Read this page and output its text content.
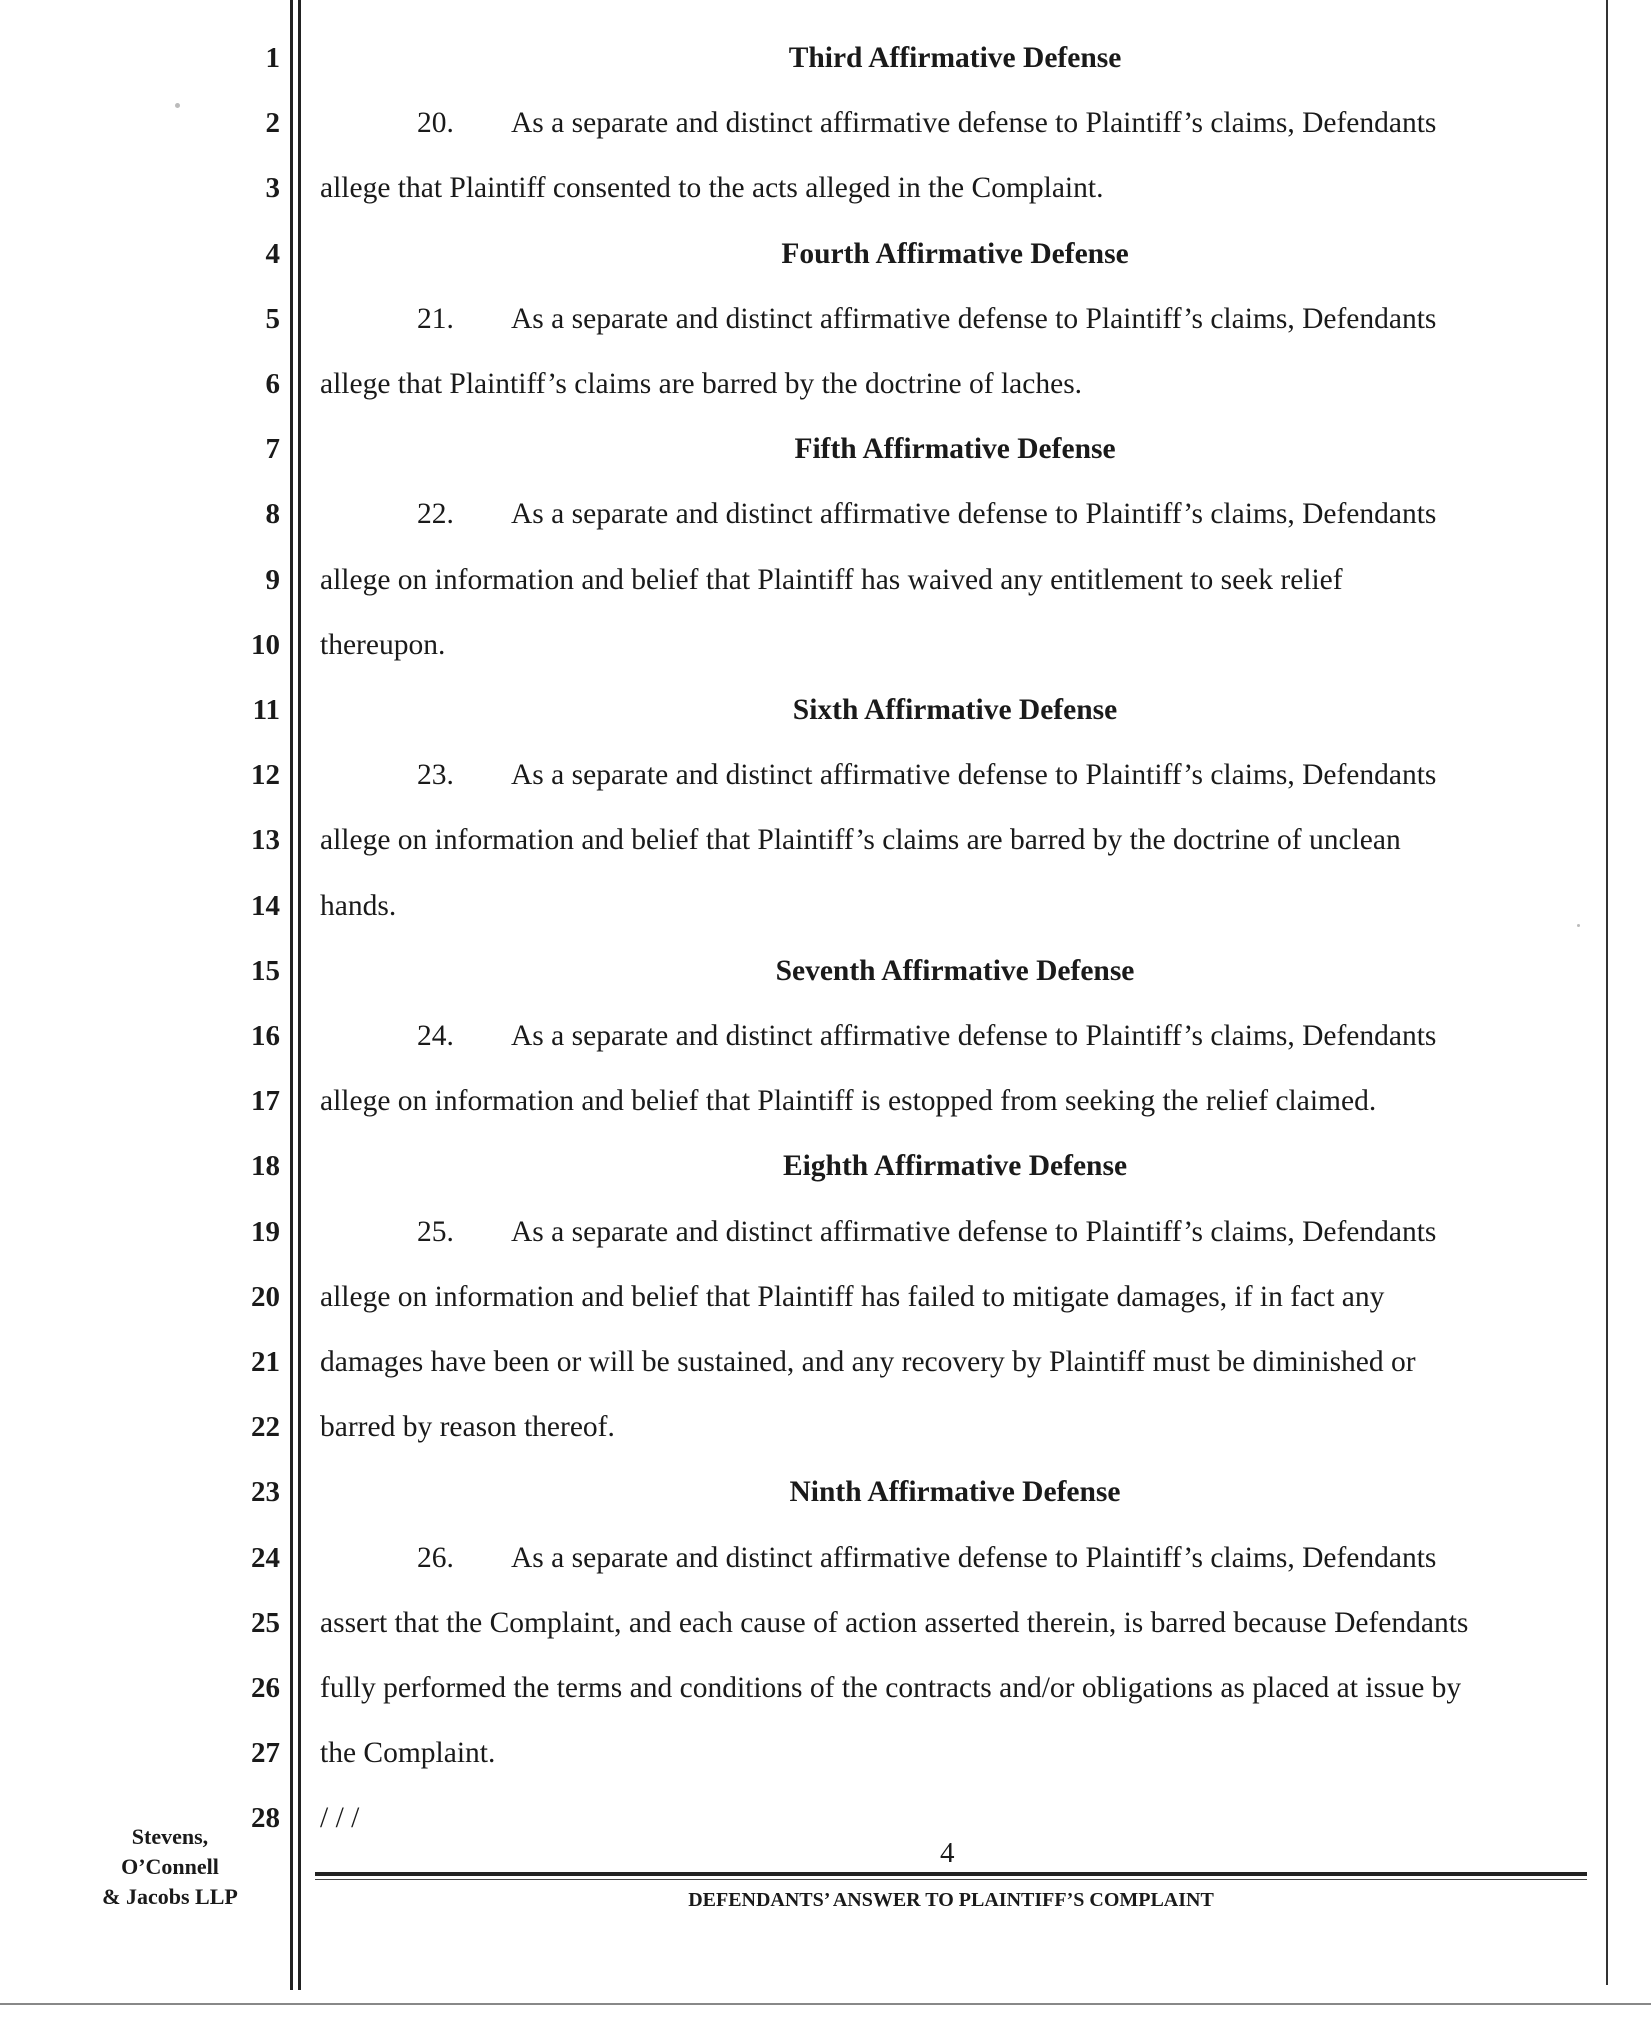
1
2
3
4
5
6
7
8
9
10
11
12
13
14
15
16
17
18
19
20
21
22
23
24
25
26
27
28
Third Affirmative Defense
20. As a separate and distinct affirmative defense to Plaintiff’s claims, Defendants
allege that Plaintiff consented to the acts alleged in the Complaint.
Fourth Affirmative Defense
21. As a separate and distinct affirmative defense to Plaintiff’s claims, Defendants
allege that Plaintiff’s claims are barred by the doctrine of laches.
Fifth Affirmative Defense
22. As a separate and distinct affirmative defense to Plaintiff’s claims, Defendants
allege on information and belief that Plaintiff has waived any entitlement to seek relief
thereupon.
Sixth Affirmative Defense
23. As a separate and distinct affirmative defense to Plaintiff’s claims, Defendants
allege on information and belief that Plaintiff’s claims are barred by the doctrine of unclean
hands.
Seventh Affirmative Defense
24. As a separate and distinct affirmative defense to Plaintiff’s claims, Defendants
allege on information and belief that Plaintiff is estopped from seeking the relief claimed.
Eighth Affirmative Defense
25. As a separate and distinct affirmative defense to Plaintiff’s claims, Defendants
allege on information and belief that Plaintiff has failed to mitigate damages, if in fact any
damages have been or will be sustained, and any recovery by Plaintiff must be diminished or
barred by reason thereof.
Ninth Affirmative Defense
26. As a separate and distinct affirmative defense to Plaintiff’s claims, Defendants
assert that the Complaint, and each cause of action asserted therein, is barred because Defendants
fully performed the terms and conditions of the contracts and/or obligations as placed at issue by
the Complaint.
/ / /
Stevens,
O’Connell
& Jacobs LLP
4
DEFENDANTS’ ANSWER TO PLAINTIFF’S COMPLAINT
